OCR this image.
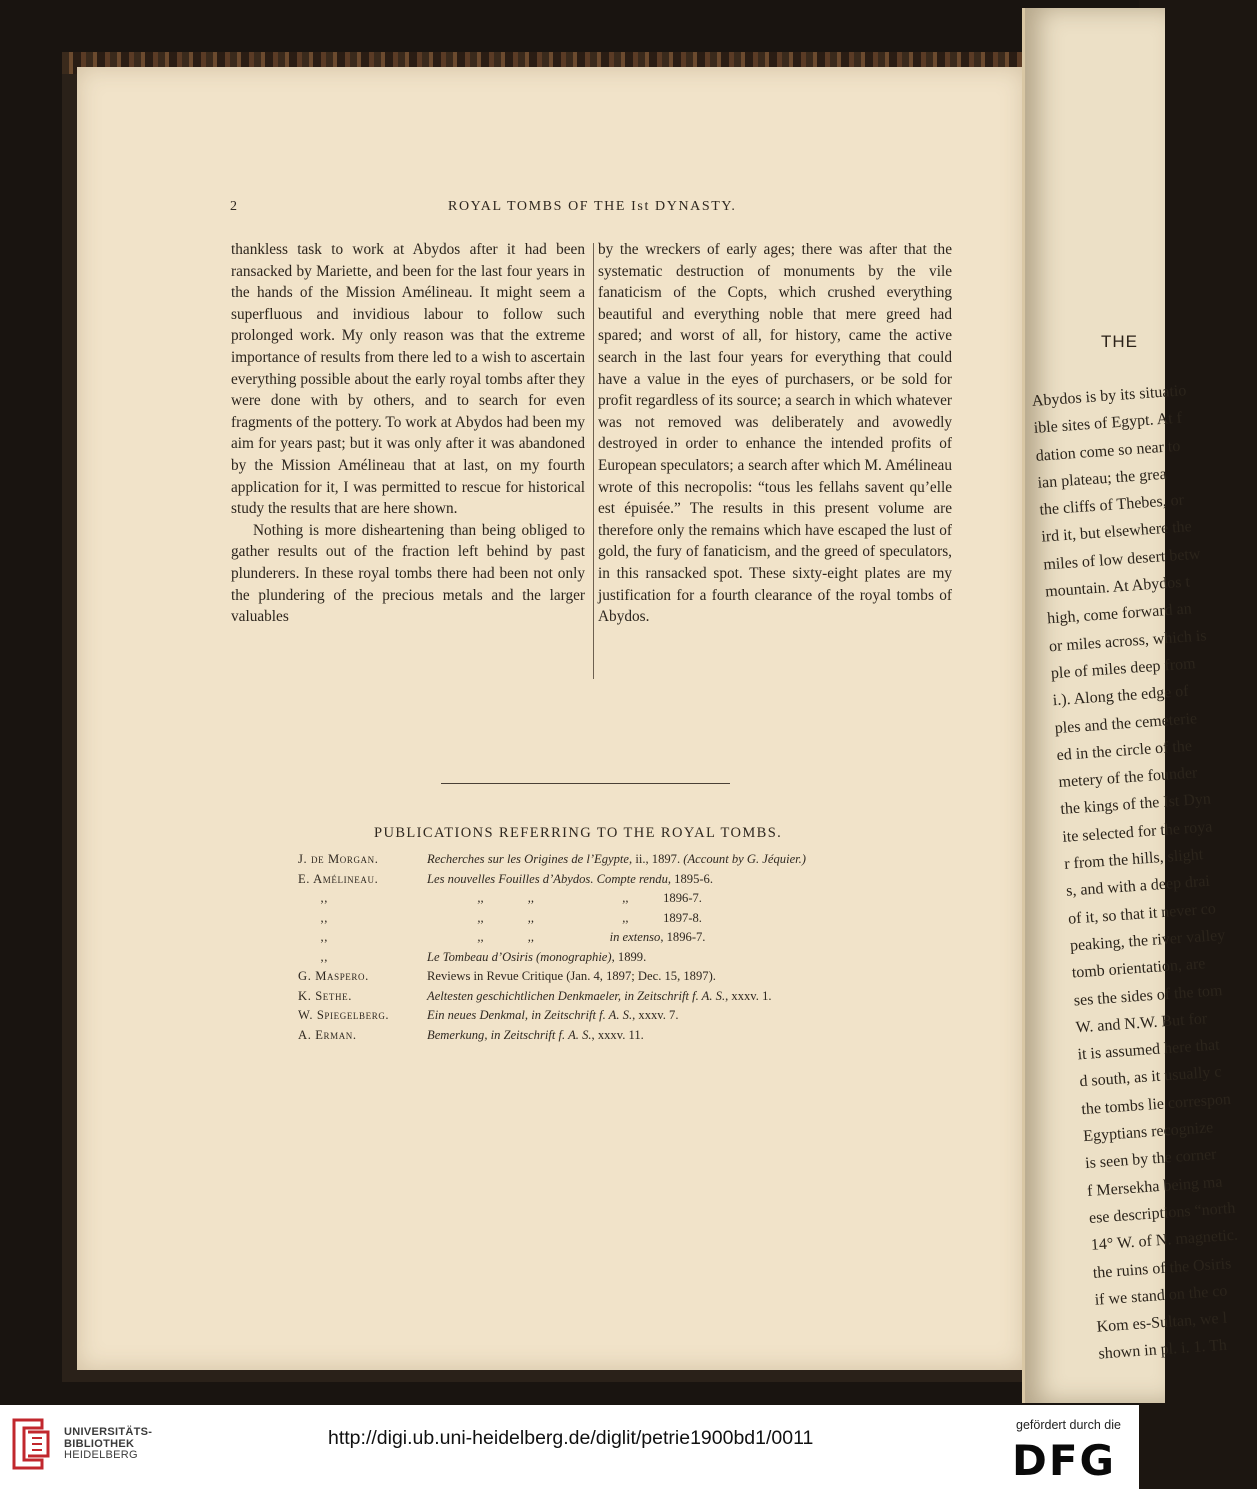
THE
Abydos is by its situatio
ible sites of Egypt. At f
dation come so near to
ian plateau; the grea
the cliffs of Thebes, or
ird it, but elsewhere the
miles of low desert betw
mountain. At Abydos t
high, come forward an
or miles across, which is
ple of miles deep from
i.). Along the edge of
ples and the cemeterie
ed in the circle of the
metery of the founder
the kings of the Ist Dyn
ite selected for the roya
r from the hills, slight
s, and with a deep drai
of it, so that it never co
peaking, the river valley
tomb orientation, are
ses the sides of the tom
W. and N.W. But for
it is assumed here that
d south, as it usually c
the tombs lie correspon
Egyptians recognize
is seen by the corner
f Mersekha being ma
ese descriptions “north
14° W. of N. magnetic.
the ruins of the Osiris
if we stand on the co
Kom es-Sultan, we l
shown in pl. i. 1. Th
2	ROYAL TOMBS OF THE Ist DYNASTY.

thankless task to work at Abydos after it had been ransacked by Mariette, and been for the last four years in the hands of the Mission Amélineau. It might seem a superfluous and invidious labour to follow such prolonged work. My only reason was that the extreme importance of results from there led to a wish to ascertain everything possible about the early royal tombs after they were done with by others, and to search for even fragments of the pottery. To work at Abydos had been my aim for years past; but it was only after it was abandoned by the Mission Amélineau that at last, on my fourth application for it, I was permitted to rescue for historical study the results that are here shown.

Nothing is more disheartening than being obliged to gather results out of the fraction left behind by past plunderers. In these royal tombs there had been not only the plundering of the precious metals and the larger valuables

by the wreckers of early ages; there was after that the systematic destruction of monuments by the vile fanaticism of the Copts, which crushed everything beautiful and everything noble that mere greed had spared; and worst of all, for history, came the active search in the last four years for everything that could have a value in the eyes of purchasers, or be sold for profit regardless of its source; a search in which whatever was not removed was deliberately and avowedly destroyed in order to enhance the intended profits of European speculators; a search after which M. Amélineau wrote of this necropolis: “tous les fellahs savent qu’elle est épuisée.” The results in this present volume are therefore only the remains which have escaped the lust of gold, the fury of fanaticism, and the greed of speculators, in this ransacked spot. These sixty-eight plates are my justification for a fourth clearance of the royal tombs of Abydos.

PUBLICATIONS REFERRING TO THE ROYAL TOMBS.
J. de Morgan.	Recherches sur les Origines de l’Egypte, ii., 1897. (Account by G. Jéquier.)
E. Amélineau.	Les nouvelles Fouilles d’Abydos. Compte rendu, 1895-6.
,,	,,              ,,                            ,,           1896-7.
,,	,,              ,,                            ,,           1897-8.
,,	,,              ,,                        in extenso, 1896-7.
,,	Le Tombeau d’Osiris (monographie), 1899.
G. Maspero.	Reviews in Revue Critique (Jan. 4, 1897; Dec. 15, 1897).
K. Sethe.	Aeltesten geschichtlichen Denkmaeler, in Zeitschrift f. A. S., xxxv. 1.
W. Spiegelberg.	Ein neues Denkmal, in Zeitschrift f. A. S., xxxv. 7.
A. Erman.	Bemerkung, in Zeitschrift f. A. S., xxxv. 11.
UNIVERSITÄTS-
BIBLIOTHEK
HEIDELBERG
http://digi.ub.uni-heidelberg.de/diglit/petrie1900bd1/0011
gefördert durch die
DFG
